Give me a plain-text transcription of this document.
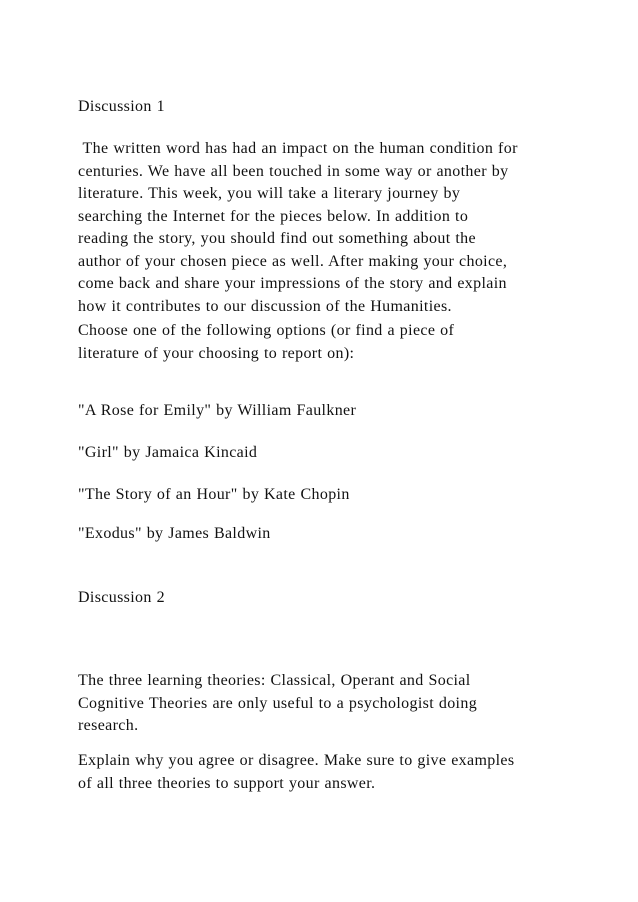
Discussion 1
The written word has had an impact on the human condition for
centuries. We have all been touched in some way or another by
literature. This week, you will take a literary journey by
searching the Internet for the pieces below. In addition to
reading the story, you should find out something about the
author of your chosen piece as well. After making your choice,
come back and share your impressions of the story and explain
how it contributes to our discussion of the Humanities.
Choose one of the following options (or find a piece of
literature of your choosing to report on):
"A Rose for Emily" by William Faulkner
"Girl" by Jamaica Kincaid
"The Story of an Hour" by Kate Chopin
"Exodus" by James Baldwin
Discussion 2
The three learning theories: Classical, Operant and Social
Cognitive Theories are only useful to a psychologist doing
research.
Explain why you agree or disagree. Make sure to give examples
of all three theories to support your answer.
